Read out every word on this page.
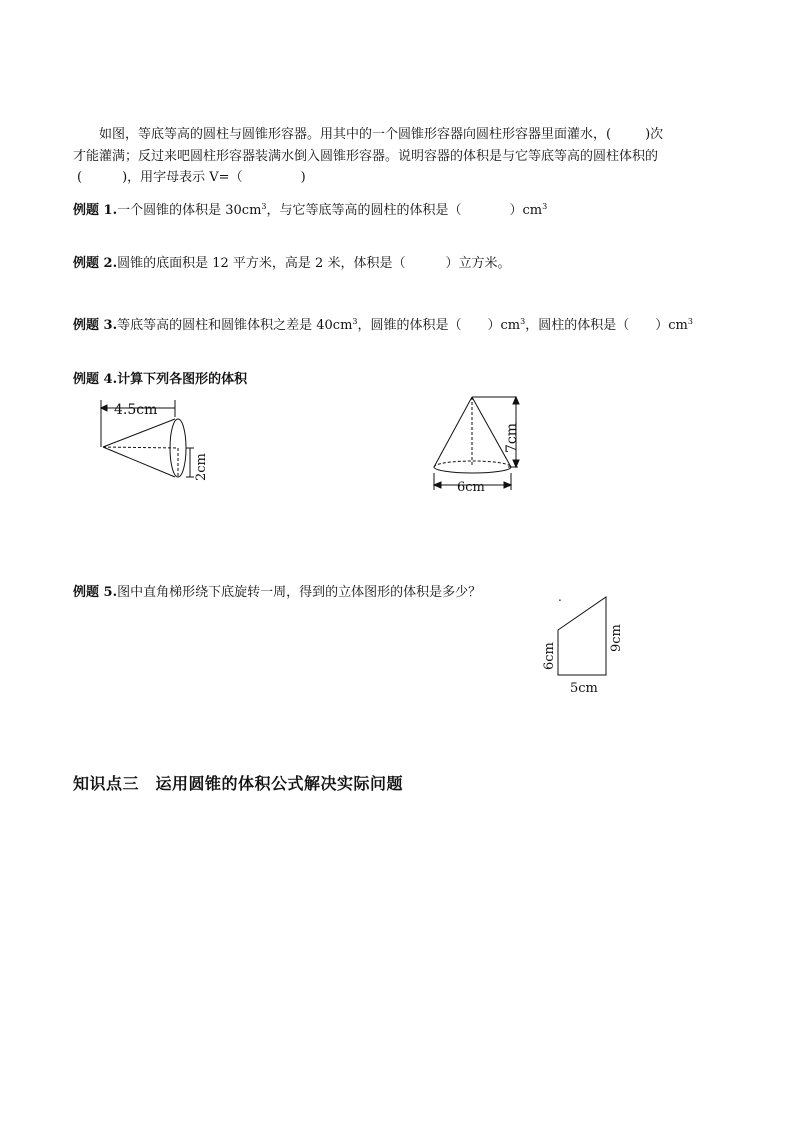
如图，等底等高的圆柱与圆锥形容器。用其中的一个圆锥形容器向圆柱形容器里面灌水，(	)次
才能灌满；反过来吧圆柱形容器装满水倒入圆锥形容器。说明容器的体积是与它等底等高的圆柱体积的
(	)，用字母表示 V=（	)
例题 1.一个圆锥的体积是 $30cm^3$，与它等底等高的圆柱的体积是（	）$cm^3$
例题 2.圆锥的底面积是 12 平方米，高是 2 米，体积是（	）立方米。
例题 3.等底等高的圆柱和圆锥体积之差是 $40cm^3$，圆锥的体积是（ ）$cm^3$，圆柱的体积是（ ）$cm^3$
例题 4.计算下列各图形的体积
4.5cm
2cm
7cm
6cm
例题 5.图中直角梯形绕下底旋转一周，得到的立体图形的体积是多少？	.
6cm
9cm
5cm
知识点三　运用圆锥的体积公式解决实际问题
